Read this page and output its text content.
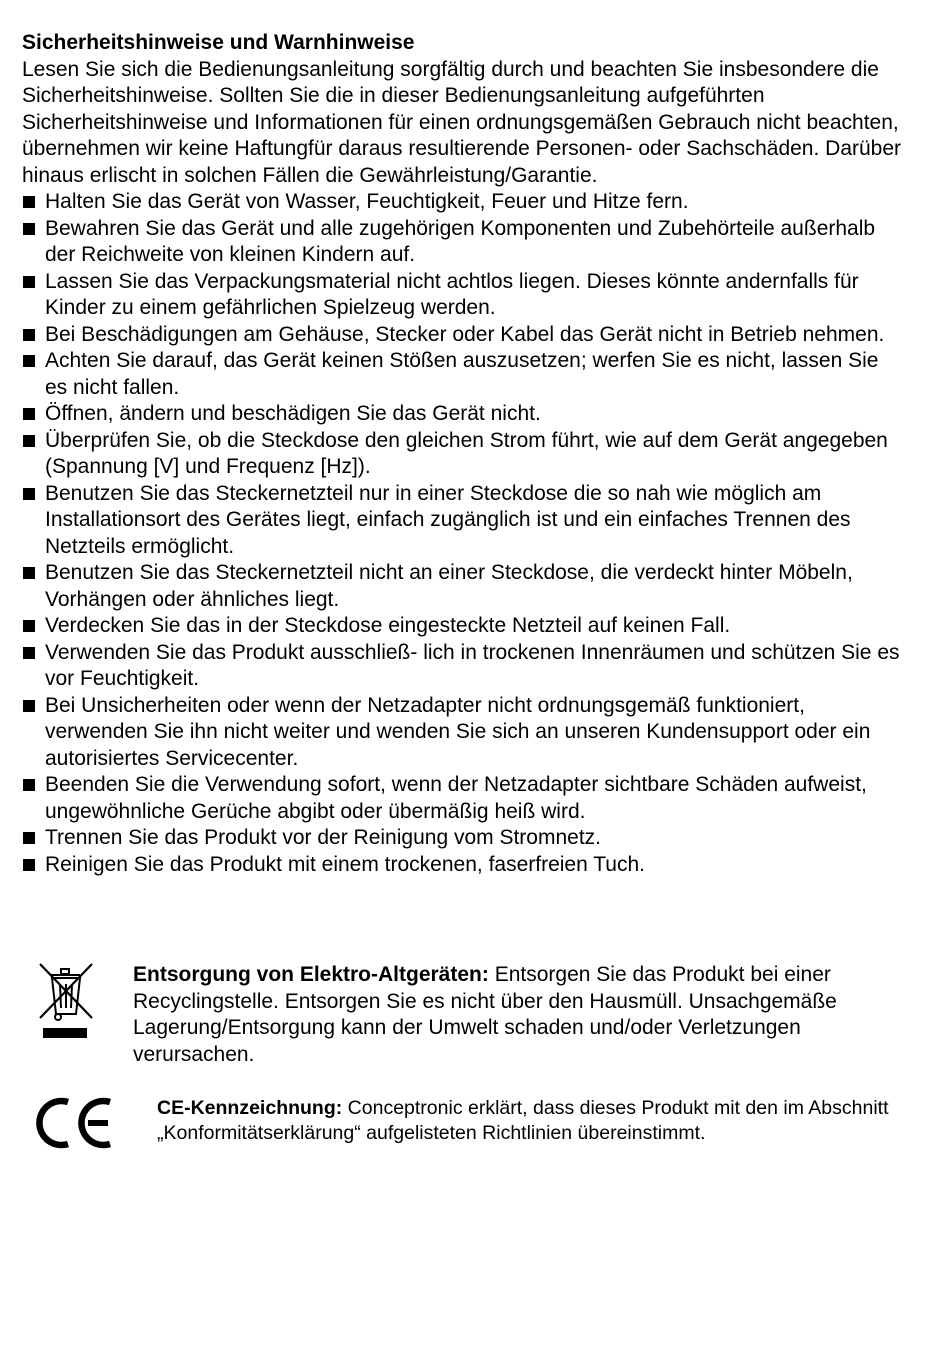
Sicherheitshinweise und Warnhinweise

Lesen Sie sich die Bedienungsanleitung sorgfältig durch und beachten Sie insbesondere die Sicherheitshinweise. Sollten Sie die in dieser Bedienungsanleitung aufgeführten Sicherheitshinweise und Informationen für einen ordnungsgemäßen Gebrauch nicht beachten, übernehmen wir keine Haftungfür daraus resultierende Personen- oder Sachschäden. Darüber hinaus erlischt in solchen Fällen die Gewährleistung/Garantie.

Halten Sie das Gerät von Wasser, Feuchtigkeit, Feuer und Hitze fern.
Bewahren Sie das Gerät und alle zugehörigen Komponenten und Zubehörteile außerhalb der Reichweite von kleinen Kindern auf.
Lassen Sie das Verpackungsmaterial nicht achtlos liegen. Dieses könnte andernfalls für Kinder zu einem gefährlichen Spielzeug werden.
Bei Beschädigungen am Gehäuse, Stecker oder Kabel das Gerät nicht in Betrieb nehmen.
Achten Sie darauf, das Gerät keinen Stößen auszusetzen; werfen Sie es nicht, lassen Sie es nicht fallen.
Öffnen, ändern und beschädigen Sie das Gerät nicht.
Überprüfen Sie, ob die Steckdose den gleichen Strom führt, wie auf dem Gerät angegeben (Spannung [V] und Frequenz [Hz]).
Benutzen Sie das Steckernetzteil nur in einer Steckdose die so nah wie möglich am Installationsort des Gerätes liegt, einfach zugänglich ist und ein einfaches Trennen des Netzteils ermöglicht.
Benutzen Sie das Steckernetzteil nicht an einer Steckdose, die verdeckt hinter Möbeln, Vorhängen oder ähnliches liegt.
Verdecken Sie das in der Steckdose eingesteckte Netzteil auf keinen Fall.
Verwenden Sie das Produkt ausschließ- lich in trockenen Innenräumen und schützen Sie es vor Feuchtigkeit.
Bei Unsicherheiten oder wenn der Netzadapter nicht ordnungsgemäß funktioniert, verwenden Sie ihn nicht weiter und wenden Sie sich an unseren Kundensupport oder ein autorisiertes Servicecenter.
Beenden Sie die Verwendung sofort, wenn der Netzadapter sichtbare Schäden aufweist, ungewöhnliche Gerüche abgibt oder übermäßig heiß wird.
Trennen Sie das Produkt vor der Reinigung vom Stromnetz.
Reinigen Sie das Produkt mit einem trockenen, faserfreien Tuch.
Entsorgung von Elektro-Altgeräten: Entsorgen Sie das Produkt bei einer Recyclingstelle. Entsorgen Sie es nicht über den Hausmüll. Unsachgemäße Lagerung/Entsorgung kann der Umwelt schaden und/oder Verletzungen verursachen.
CE-Kennzeichnung: Conceptronic erklärt, dass dieses Produkt mit den im Abschnitt „Konformitätserklärung“ aufgelisteten Richtlinien übereinstimmt.
